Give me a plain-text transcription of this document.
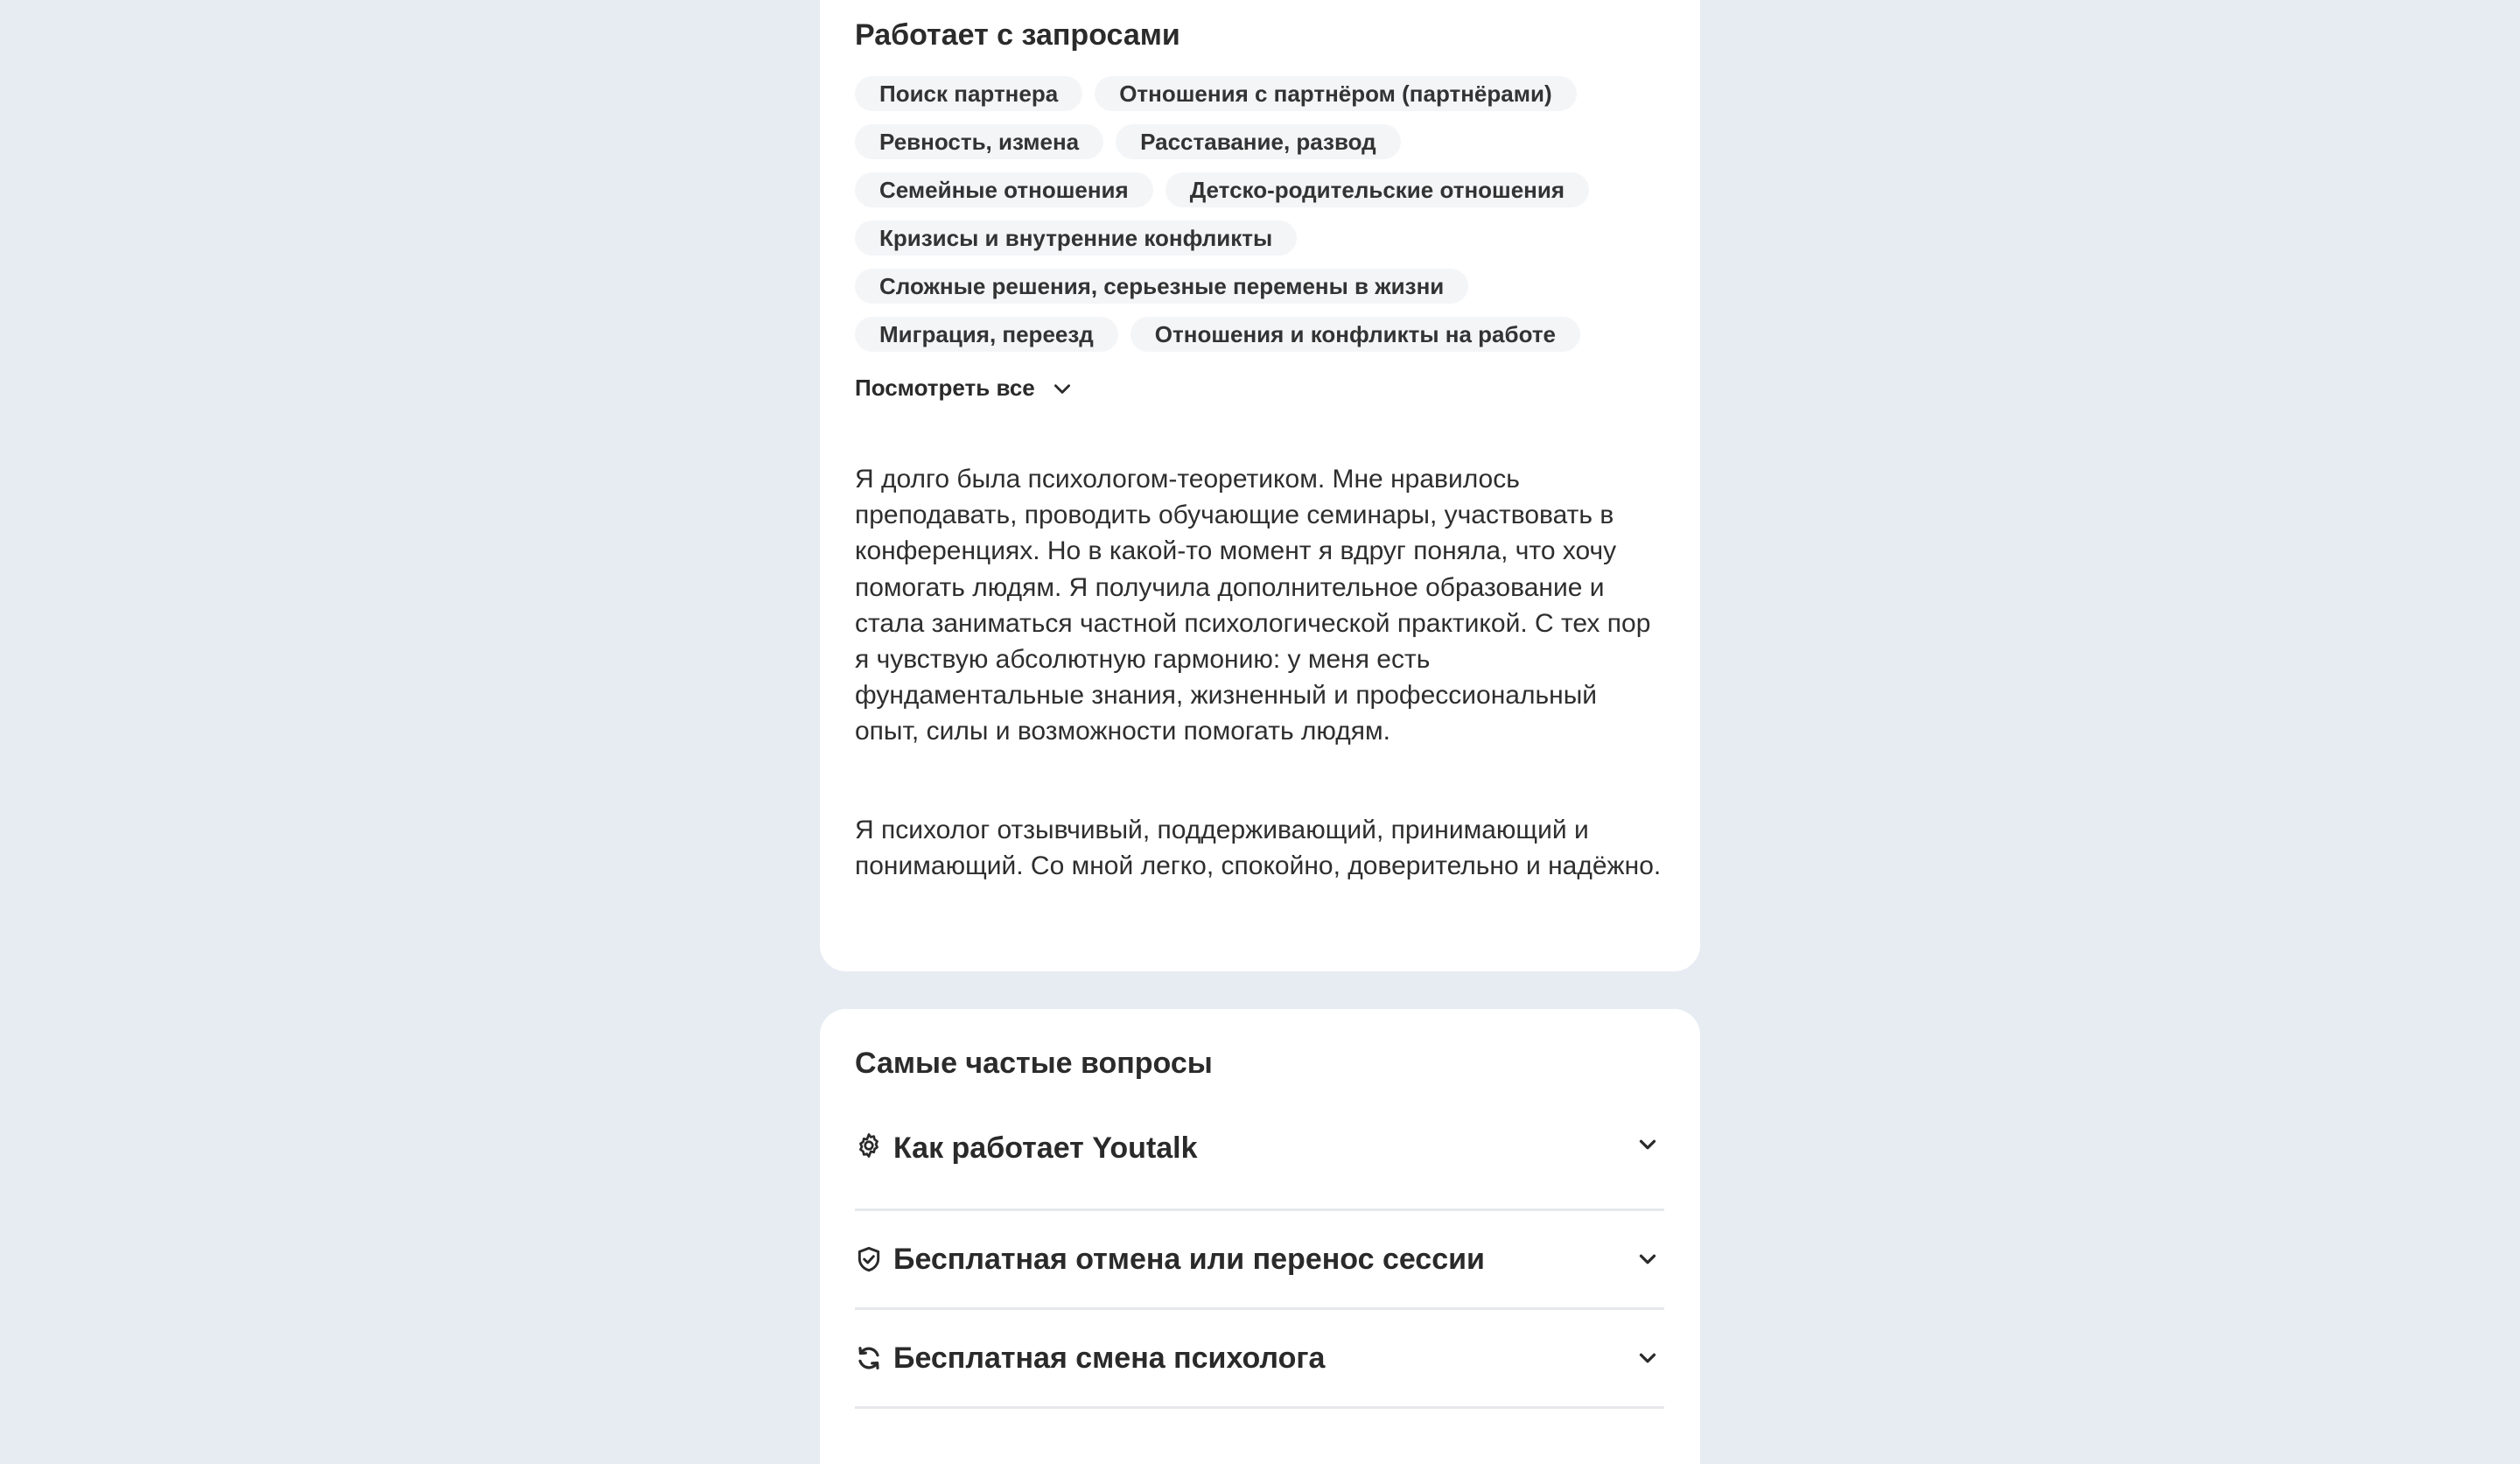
Работает с запросами
Поиск партнера	Отношения с партнёром (партнёрами)
Ревность, измена	Расставание, развод
Семейные отношения	Детско-родительские отношения
Кризисы и внутренние конфликты
Сложные решения, серьезные перемены в жизни
Миграция, переезд	Отношения и конфликты на работе
Посмотреть все

Я долго была психологом-теоретиком. Мне нравилось преподавать, проводить обучающие семинары, участвовать в конференциях. Но в какой-то момент я вдруг поняла, что хочу помогать людям. Я получила дополнительное образование и стала заниматься частной психологической практикой. С тех пор я чувствую абсолютную гармонию: у меня есть фундаментальные знания, жизненный и профессиональный опыт, силы и возможности помогать людям.

Я психолог отзывчивый, поддерживающий, принимающий и понимающий. Со мной легко, спокойно, доверительно и надёжно.

Самые частые вопросы
Как работает Youtalk
Бесплатная отмена или перенос сессии
Бесплатная смена психолога
